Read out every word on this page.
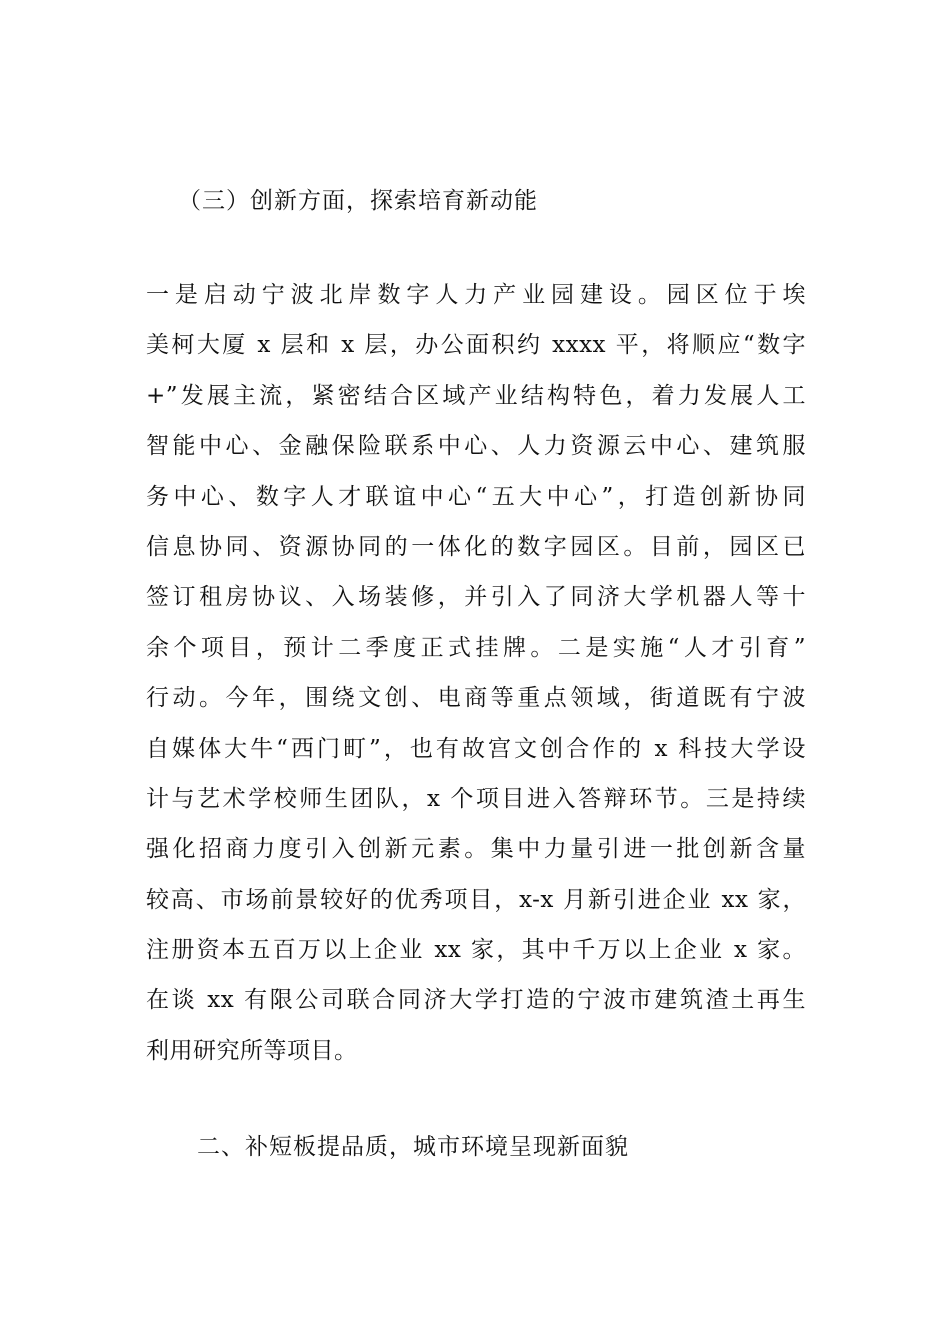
（三）创新方面，探索培育新动能
一是启动宁波北岸数字人力产业园建设。园区位于埃
美柯大厦 x 层和 x 层，办公面积约 xxxx 平，将顺应“数字
+”发展主流，紧密结合区域产业结构特色，着力发展人工
智能中心、金融保险联系中心、人力资源云中心、建筑服
务中心、数字人才联谊中心“五大中心”，打造创新协同
信息协同、资源协同的一体化的数字园区。目前，园区已
签订租房协议、入场装修，并引入了同济大学机器人等十
余个项目，预计二季度正式挂牌。二是实施“人才引育”
行动。今年，围绕文创、电商等重点领域，街道既有宁波
自媒体大牛“西门町”，也有故宫文创合作的 x 科技大学设
计与艺术学校师生团队，x 个项目进入答辩环节。三是持续
强化招商力度引入创新元素。集中力量引进一批创新含量
较高、市场前景较好的优秀项目，x-x 月新引进企业 xx 家，
注册资本五百万以上企业 xx 家，其中千万以上企业 x 家。
在谈 xx 有限公司联合同济大学打造的宁波市建筑渣土再生
利用研究所等项目。
二、补短板提品质，城市环境呈现新面貌
